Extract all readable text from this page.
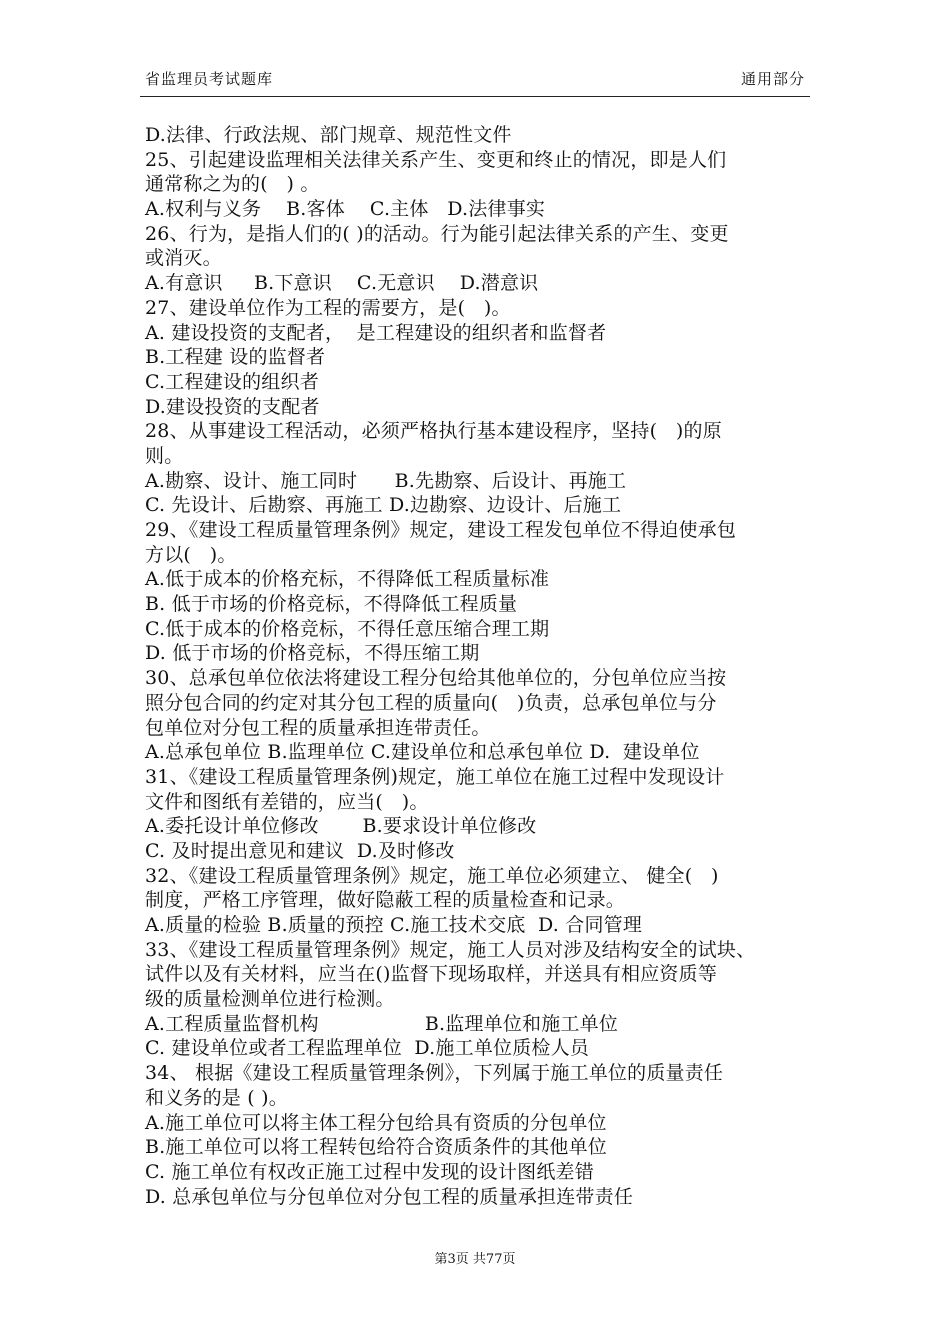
省监理员考试题库	通用部分
D.法律、行政法规、部门规章、规范性文件
25、引起建设监理相关法律关系产生、变更和终止的情况，即是人们
通常称之为的(   ) 。
A.权利与义务    B.客体    C.主体   D.法律事实
26、行为，是指人们的( )的活动。行为能引起法律关系的产生、变更
或消灭。
A.有意识     B.下意识    C.无意识    D.潜意识
27、建设单位作为工程的需要方，是(   )。
A. 建设投资的支配者，  是工程建设的组织者和监督者
B.工程建 设的监督者
C.工程建设的组织者
D.建设投资的支配者
28、从事建设工程活动，必须严格执行基本建设程序，坚持(   )的原
则。
A.勘察、设计、施工同时      B.先勘察、后设计、再施工
C. 先设计、后勘察、再施工 D.边勘察、边设计、后施工
29、《建设工程质量管理条例》规定，建设工程发包单位不得迫使承包
方以(   )。
A.低于成本的价格充标，不得降低工程质量标准
B. 低于市场的价格竞标，不得降低工程质量
C.低于成本的价格竞标，不得任意压缩合理工期
D. 低于市场的价格竞标，不得压缩工期
30、总承包单位依法将建设工程分包给其他单位的，分包单位应当按
照分包合同的约定对其分包工程的质量向(   )负责，总承包单位与分
包单位对分包工程的质量承担连带责任。
A.总承包单位 B.监理单位 C.建设单位和总承包单位 D.  建设单位
31、《建设工程质量管理条例)规定，施工单位在施工过程中发现设计
文件和图纸有差错的，应当(   )。
A.委托设计单位修改       B.要求设计单位修改
C. 及时提出意见和建议  D.及时修改
32、《建设工程质量管理条例》规定，施工单位必须建立、 健全(   )
制度，严格工序管理，做好隐蔽工程的质量检查和记录。
A.质量的检验 B.质量的预控 C.施工技术交底  D. 合同管理
33、《建设工程质量管理条例》规定，施工人员对涉及结构安全的试块、
试件以及有关材料，应当在()监督下现场取样，并送具有相应资质等
级的质量检测单位进行检测。
A.工程质量监督机构                 B.监理单位和施工单位
C. 建设单位或者工程监理单位  D.施工单位质检人员
34、 根据《建设工程质量管理条例》，下列属于施工单位的质量责任
和义务的是 ( )。
A.施工单位可以将主体工程分包给具有资质的分包单位
B.施工单位可以将工程转包给符合资质条件的其他单位
C. 施工单位有权改正施工过程中发现的设计图纸差错
D. 总承包单位与分包单位对分包工程的质量承担连带责任
第3页 共77页
